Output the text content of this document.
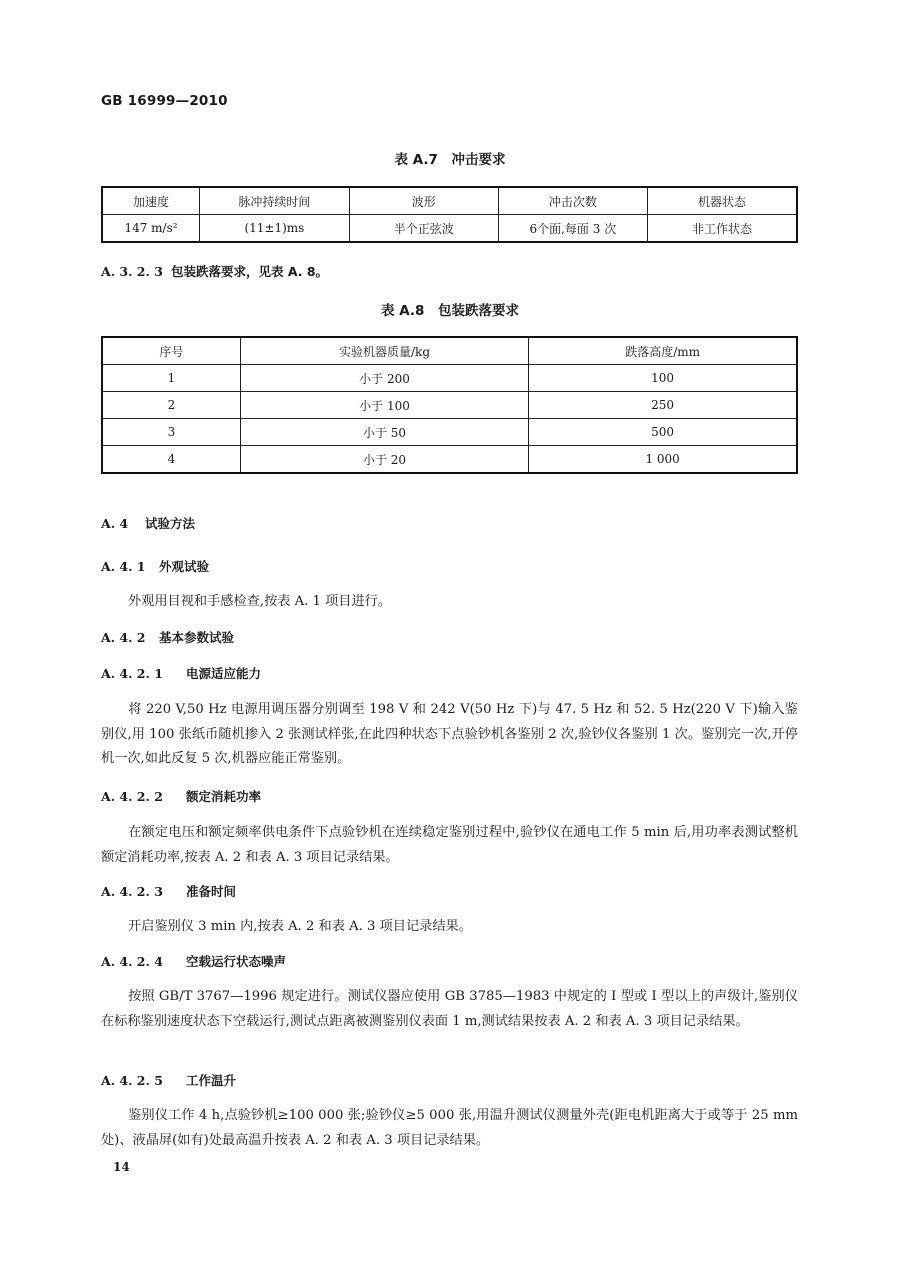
GB 16999—2010
表 A.7　冲击要求
加速度	脉冲持续时间	波形	冲击次数	机器状态
147 m/s²	(11±1)ms	半个正弦波	6个面,每面 3 次	非工作状态
A. 3. 2. 3 包装跌落要求，见表 A. 8。
表 A.8　包装跌落要求
序号	实验机器质量/kg	跌落高度/mm
1	小于 200	100
2	小于 100	250
3	小于 50	500
4	小于 20	1 000
A. 4 试验方法
A. 4. 1 外观试验
外观用目视和手感检查,按表 A. 1 项目进行。
A. 4. 2 基本参数试验
A. 4. 2. 1 电源适应能力
将 220 V,50 Hz 电源用调压器分别调至 198 V 和 242 V(50 Hz 下)与 47. 5 Hz 和 52. 5 Hz(220 V 下)输入鉴别仪,用 100 张纸币随机掺入 2 张测试样张,在此四种状态下点验钞机各鉴别 2 次,验钞仪各鉴别 1 次。鉴别完一次,开停机一次,如此反复 5 次,机器应能正常鉴别。
A. 4. 2. 2 额定消耗功率
在额定电压和额定频率供电条件下点验钞机在连续稳定鉴别过程中,验钞仪在通电工作 5 min 后,用功率表测试整机额定消耗功率,按表 A. 2 和表 A. 3 项目记录结果。
A. 4. 2. 3 准备时间
开启鉴别仪 3 min 内,按表 A. 2 和表 A. 3 项目记录结果。
A. 4. 2. 4 空载运行状态噪声
按照 GB/T 3767—1996 规定进行。测试仪器应使用 GB 3785—1983 中规定的 Ⅰ 型或 Ⅰ 型以上的声级计,鉴别仪在标称鉴别速度状态下空载运行,测试点距离被测鉴别仪表面 1 m,测试结果按表 A. 2 和表 A. 3 项目记录结果。
A. 4. 2. 5 工作温升
鉴别仪工作 4 h,点验钞机≥100 000 张;验钞仪≥5 000 张,用温升测试仪测量外壳(距电机距离大于或等于 25 mm 处)、液晶屏(如有)处最高温升按表 A. 2 和表 A. 3 项目记录结果。
14
